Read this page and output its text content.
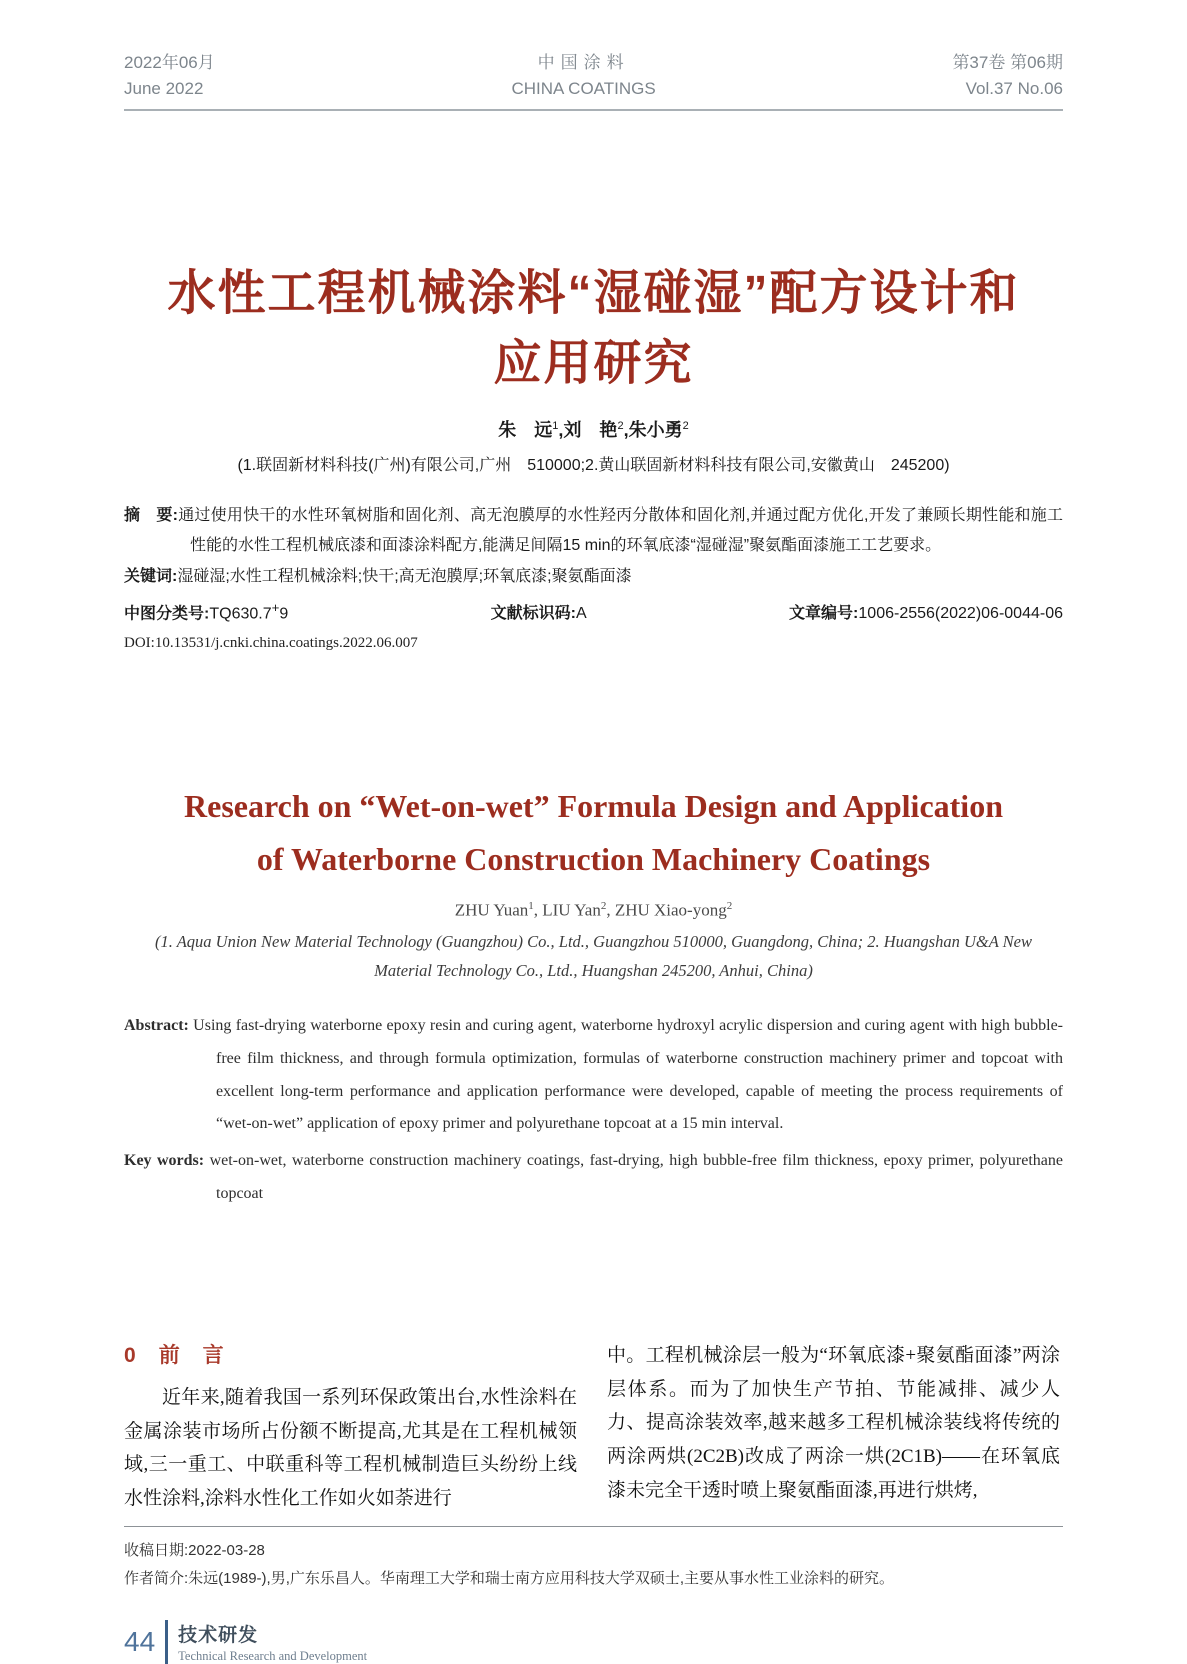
2022年06月
June 2022
中国涂料
CHINA COATINGS
第37卷 第06期
Vol.37 No.06
水性工程机械涂料“湿碰湿”配方设计和
应用研究
朱　远$^1$,刘　艳$^2$,朱小勇$^2$
(1.联固新材料科技(广州)有限公司,广州　510000;2.黄山联固新材料科技有限公司,安徽黄山　245200)

摘　要:通过使用快干的水性环氧树脂和固化剂、高无泡膜厚的水性羟丙分散体和固化剂,并通过配方优化,开发了兼顾长期性能和施工性能的水性工程机械底漆和面漆涂料配方,能满足间隔15 min的环氧底漆“湿碰湿”聚氨酯面漆施工工艺要求。

关键词:湿碰湿;水性工程机械涂料;快干;高无泡膜厚;环氧底漆;聚氨酯面漆

中图分类号:TQ630.7+9	文献标识码:A	文章编号:1006-2556(2022)06-0044-06
DOI:10.13531/j.cnki.china.coatings.2022.06.007
Research on “Wet-on-wet” Formula Design and Application
of Waterborne Construction Machinery Coatings
ZHU Yuan$^1$, LIU Yan$^2$, ZHU Xiao-yong$^2$
(1. Aqua Union New Material Technology (Guangzhou) Co., Ltd., Guangzhou 510000, Guangdong, China; 2. Huangshan U&A New Material Technology Co., Ltd., Huangshan 245200, Anhui, China)

Abstract: Using fast-drying waterborne epoxy resin and curing agent, waterborne hydroxyl acrylic dispersion and curing agent with high bubble-free film thickness, and through formula optimization, formulas of waterborne construction machinery primer and topcoat with excellent long-term performance and application performance were developed, capable of meeting the process requirements of “wet-on-wet” application of epoxy primer and polyurethane topcoat at a 15 min interval.

Key words: wet-on-wet, waterborne construction machinery coatings, fast-drying, high bubble-free film thickness, epoxy primer, polyurethane topcoat

0 前　言

近年来,随着我国一系列环保政策出台,水性涂料在金属涂装市场所占份额不断提高,尤其是在工程机械领域,三一重工、中联重科等工程机械制造巨头纷纷上线水性涂料,涂料水性化工作如火如荼进行

中。工程机械涂层一般为“环氧底漆+聚氨酯面漆”两涂层体系。而为了加快生产节拍、节能减排、减少人力、提高涂装效率,越来越多工程机械涂装线将传统的两涂两烘(2C2B)改成了两涂一烘(2C1B)——在环氧底漆未完全干透时喷上聚氨酯面漆,再进行烘烤,

收稿日期:2022-03-28
作者简介:朱远(1989-),男,广东乐昌人。华南理工大学和瑞士南方应用科技大学双硕士,主要从事水性工业涂料的研究。
44 技术研发
Technical Research and Development
